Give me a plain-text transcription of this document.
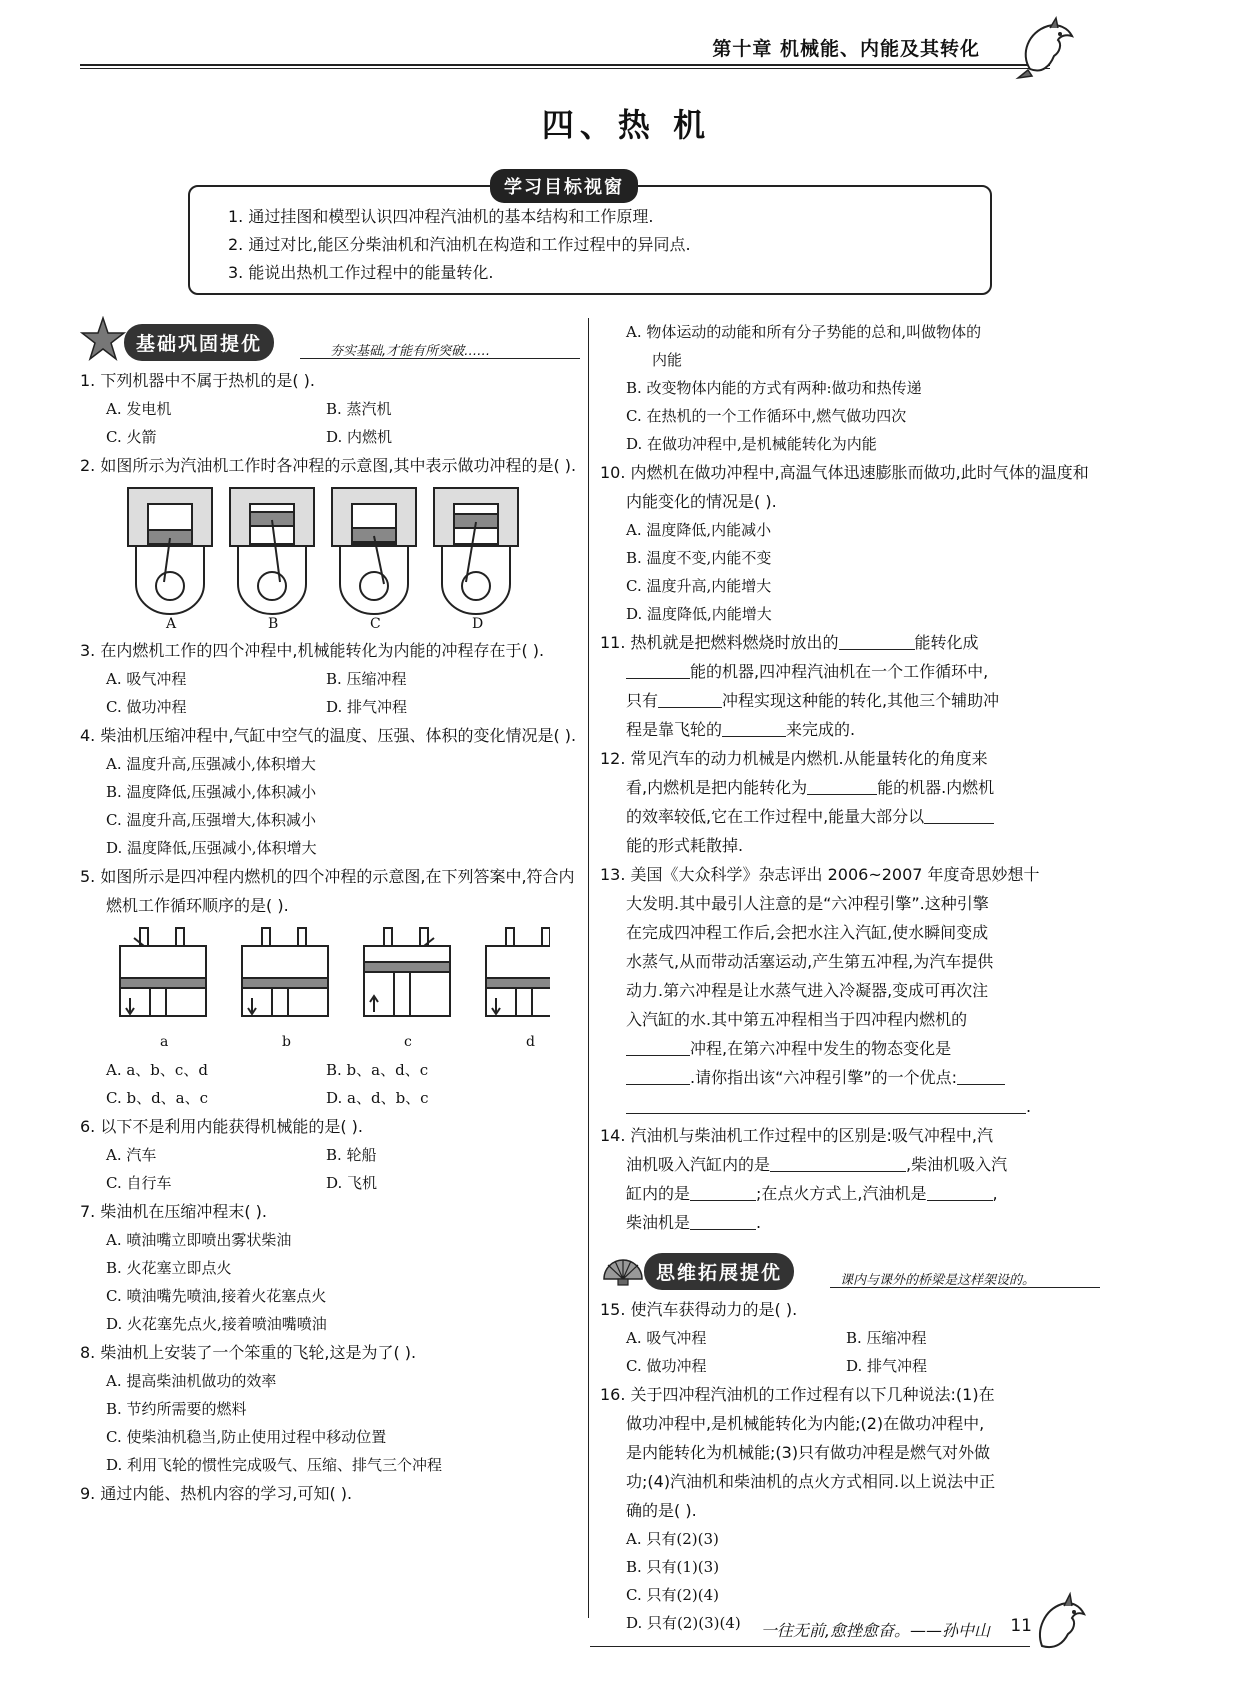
第十章 机械能、内能及其转化
四、热 机
学习目标视窗
1. 通过挂图和模型认识四冲程汽油机的基本结构和工作原理.
2. 通过对比,能区分柴油机和汽油机在构造和工作过程中的异同点.
3. 能说出热机工作过程中的能量转化.
基础巩固提优	夯实基础,才能有所突破……
1. 下列机器中不属于热机的是( ).
A. 发电机	B. 蒸汽机
C. 火箭	D. 内燃机
2. 如图所示为汽油机工作时各冲程的示意图,其中表示做功冲程的是( ).
A	B	C	D
3. 在内燃机工作的四个冲程中,机械能转化为内能的冲程存在于( ).
A. 吸气冲程	B. 压缩冲程
C. 做功冲程	D. 排气冲程
4. 柴油机压缩冲程中,气缸中空气的温度、压强、体积的变化情况是( ).
A. 温度升高,压强减小,体积增大
B. 温度降低,压强减小,体积减小
C. 温度升高,压强增大,体积减小
D. 温度降低,压强减小,体积增大
5. 如图所示是四冲程内燃机的四个冲程的示意图,在下列答案中,符合内燃机工作循环顺序的是( ).
a	b	c	d
A. a、b、c、d	B. b、a、d、c
C. b、d、a、c	D. a、d、b、c
6. 以下不是利用内能获得机械能的是( ).
A. 汽车	B. 轮船
C. 自行车	D. 飞机
7. 柴油机在压缩冲程末( ).
A. 喷油嘴立即喷出雾状柴油
B. 火花塞立即点火
C. 喷油嘴先喷油,接着火花塞点火
D. 火花塞先点火,接着喷油嘴喷油
8. 柴油机上安装了一个笨重的飞轮,这是为了( ).
A. 提高柴油机做功的效率
B. 节约所需要的燃料
C. 使柴油机稳当,防止使用过程中移动位置
D. 利用飞轮的惯性完成吸气、压缩、排气三个冲程
9. 通过内能、热机内容的学习,可知( ).
A. 物体运动的动能和所有分子势能的总和,叫做物体的
内能
B. 改变物体内能的方式有两种:做功和热传递
C. 在热机的一个工作循环中,燃气做功四次
D. 在做功冲程中,是机械能转化为内能
10. 内燃机在做功冲程中,高温气体迅速膨胀而做功,此时气体的温度和内能变化的情况是( ).
A. 温度降低,内能减小
B. 温度不变,内能不变
C. 温度升高,内能增大
D. 温度降低,内能增大
11. 热机就是把燃料燃烧时放出的	能转化成
能的机器,四冲程汽油机在一个工作循环中,
只有	冲程实现这种能的转化,其他三个辅助冲
程是靠飞轮的	来完成的.
12. 常见汽车的动力机械是内燃机.从能量转化的角度来
看,内燃机是把内能转化为	能的机器.内燃机
的效率较低,它在工作过程中,能量大部分以
能的形式耗散掉.
13. 美国《大众科学》杂志评出 2006~2007 年度奇思妙想十
大发明.其中最引人注意的是“六冲程引擎”.这种引擎
在完成四冲程工作后,会把水注入汽缸,使水瞬间变成
水蒸气,从而带动活塞运动,产生第五冲程,为汽车提供
动力.第六冲程是让水蒸气进入冷凝器,变成可再次注
入汽缸的水.其中第五冲程相当于四冲程内燃机的
冲程,在第六冲程中发生的物态变化是
.请你指出该“六冲程引擎”的一个优点:
.
14. 汽油机与柴油机工作过程中的区别是:吸气冲程中,汽
油机吸入汽缸内的是	,柴油机吸入汽
缸内的是	;在点火方式上,汽油机是	,
柴油机是	.
思维拓展提优	课内与课外的桥梁是这样架设的。
15. 使汽车获得动力的是( ).
A. 吸气冲程	B. 压缩冲程
C. 做功冲程	D. 排气冲程
16. 关于四冲程汽油机的工作过程有以下几种说法:(1)在
做功冲程中,是机械能转化为内能;(2)在做功冲程中,
是内能转化为机械能;(3)只有做功冲程是燃气对外做
功;(4)汽油机和柴油机的点火方式相同.以上说法中正
确的是( ).
A. 只有(2)(3)
B. 只有(1)(3)
C. 只有(2)(4)
D. 只有(2)(3)(4)	一往无前,愈挫愈奋。——孙中山 11
